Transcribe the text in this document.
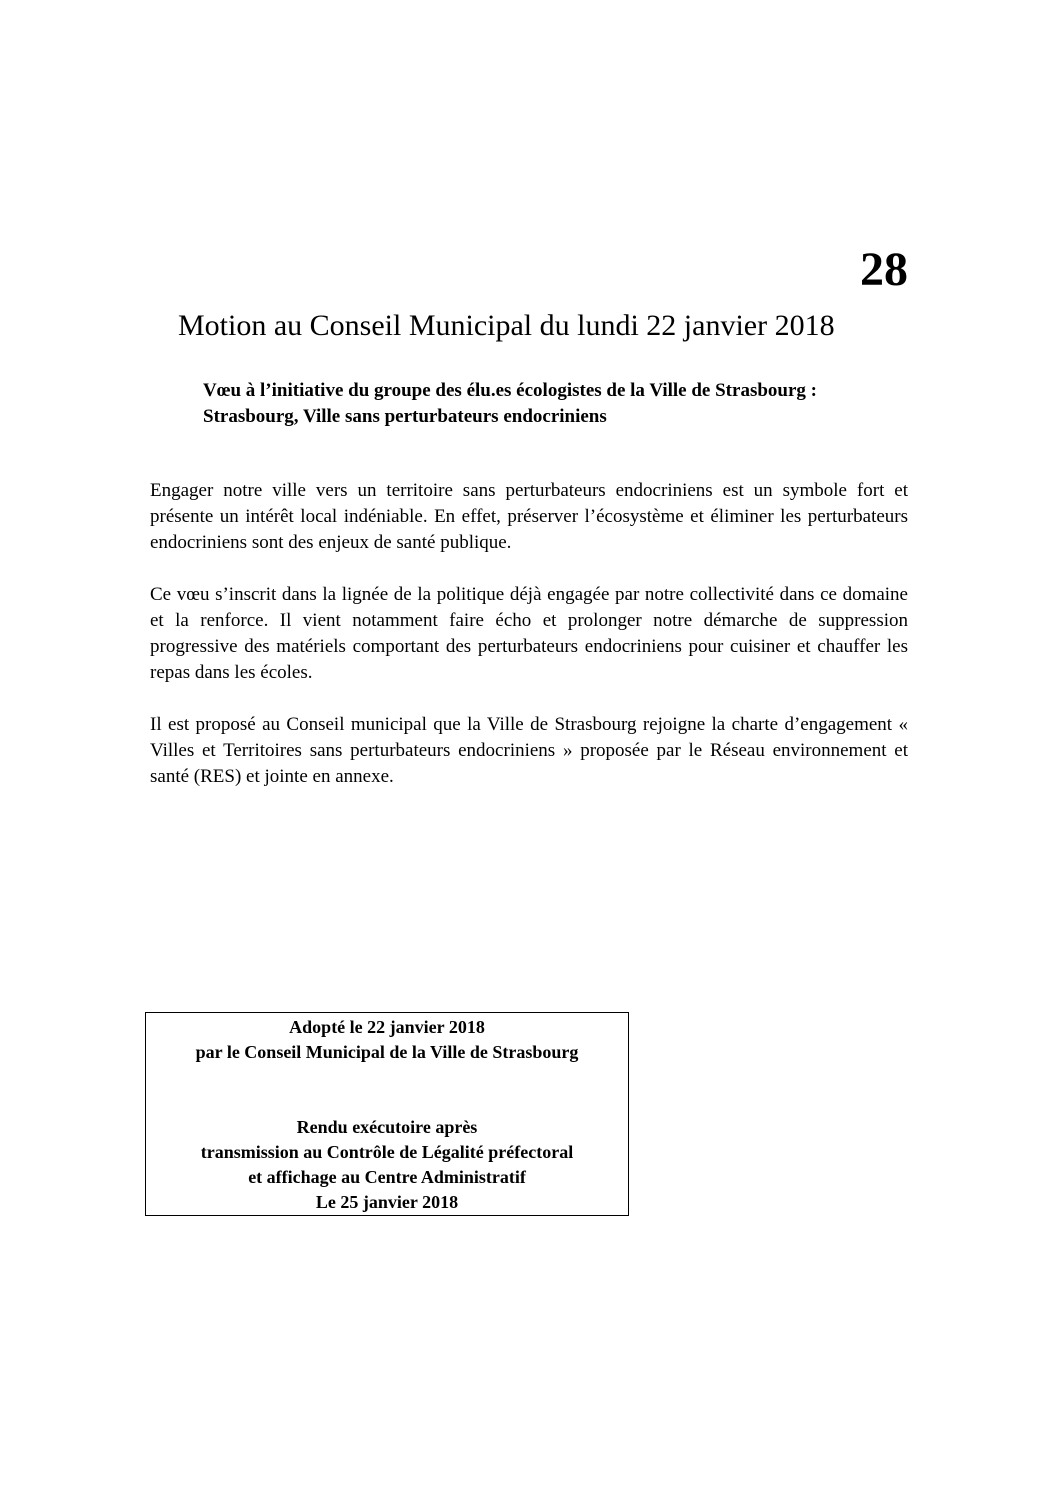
28
Motion au Conseil Municipal du lundi 22 janvier 2018
Vœu à l’initiative du groupe des élu.es écologistes de la Ville de Strasbourg :
Strasbourg, Ville sans perturbateurs endocriniens

Engager notre ville vers un territoire sans perturbateurs endocriniens est un symbole fort et présente un intérêt local indéniable. En effet, préserver l’écosystème et éliminer les perturbateurs endocriniens sont des enjeux de santé publique.

Ce vœu s’inscrit dans la lignée de la politique déjà engagée par notre collectivité dans ce domaine et la renforce. Il vient notamment faire écho et prolonger notre démarche de suppression progressive des matériels comportant des perturbateurs endocriniens pour cuisiner et chauffer les repas dans les écoles.

Il est proposé au Conseil municipal que la Ville de Strasbourg rejoigne la charte d’engagement « Villes et Territoires sans perturbateurs endocriniens » proposée par le Réseau environnement et santé (RES) et jointe en annexe.

Adopté le 22 janvier 2018
par le Conseil Municipal de la Ville de Strasbourg
Rendu exécutoire après
transmission au Contrôle de Légalité préfectoral
et affichage au Centre Administratif
Le 25 janvier 2018
